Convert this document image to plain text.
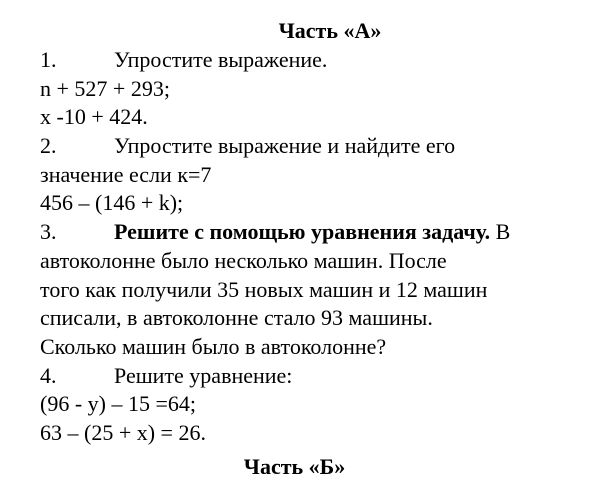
Часть «А»
1.	Упростите выражение.
n + 527 + 293;
x -10 + 424.
2.	Упростите выражение и найдите его
значение если к=7
456 – (146 + k);
3.	Решите с помощью уравнения задачу. В
автоколонне было несколько машин. После
того как получили 35 новых машин и 12 машин
списали, в автоколонне стало 93 машины.
Сколько машин было в автоколонне?
4.	Решите уравнение:
(96 - y) – 15 =64;
63 – (25 + x) = 26.
Часть «Б»
